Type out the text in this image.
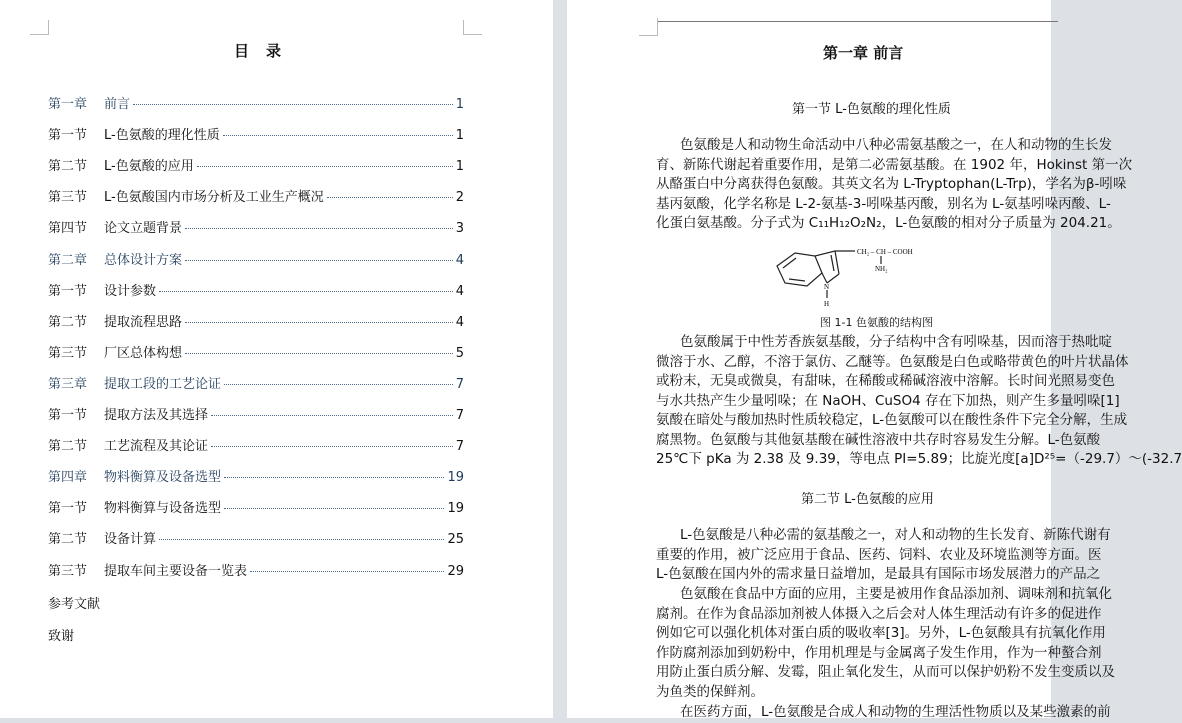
目　录
第一章	前言	1
第一节	L-色氨酸的理化性质	1
第二节	L-色氨酸的应用	1
第三节	L-色氨酸国内市场分析及工业生产概况	2
第四节	论文立题背景	3
第二章	总体设计方案	4
第一节	设计参数	4
第二节	提取流程思路	4
第三节	厂区总体构想	5
第三章	提取工段的工艺论证	7
第一节	提取方法及其选择	7
第二节	工艺流程及其论证	7
第四章	物料衡算及设备选型	19
第一节	物料衡算与设备选型	19
第二节	设备计算	25
第三节	提取车间主要设备一览表	29
参考文献
致谢
第一章 前言
第一节 L-色氨酸的理化性质
色氨酸是人和动物生命活动中八种必需氨基酸之一，在人和动物的生长发
育、新陈代谢起着重要作用，是第二必需氨基酸。在 1902 年，Hokinst 第一次
从酪蛋白中分离获得色氨酸。其英文名为 L-Tryptophan(L-Trp)，学名为β-吲哚
基丙氨酸，化学名称是 L-2-氨基-3-吲哚基丙酸，别名为 L-氨基吲哚丙酸、L-
化蛋白氨基酸。分子式为 C₁₁H₁₂O₂N₂，L-色氨酸的相对分子质量为 204.21。
CH₂ – CH – COOH
NH₂
N
H
图 1-1 色氨酸的结构图
色氨酸属于中性芳香族氨基酸，分子结构中含有吲哚基，因而溶于热吡啶
微溶于水、乙醇，不溶于氯仿、乙醚等。色氨酸是白色或略带黄色的叶片状晶体
或粉末，无臭或微臭，有甜味，在稀酸或稀碱溶液中溶解。长时间光照易变色
与水共热产生少量吲哚；在 NaOH、CuSO4 存在下加热，则产生多量吲哚[1]
氨酸在暗处与酸加热时性质较稳定，L-色氨酸可以在酸性条件下完全分解，生成
腐黑物。色氨酸与其他氨基酸在碱性溶液中共存时容易发生分解。L-色氨酸
25℃下 pKa 为 2.38 及 9.39，等电点 PI=5.89；比旋光度[a]D²⁵=（-29.7）～(-32.7
第二节 L-色氨酸的应用
L-色氨酸是八种必需的氨基酸之一，对人和动物的生长发育、新陈代谢有
重要的作用，被广泛应用于食品、医药、饲料、农业及环境监测等方面。医
L-色氨酸在国内外的需求量日益增加，是最具有国际市场发展潜力的产品之
色氨酸在食品中方面的应用，主要是被用作食品添加剂、调味剂和抗氧化
腐剂。在作为食品添加剂被人体摄入之后会对人体生理活动有许多的促进作
例如它可以强化机体对蛋白质的吸收率[3]。另外，L-色氨酸具有抗氧化作用
作防腐剂添加到奶粉中，作用机理是与金属离子发生作用，作为一种螯合剂
用防止蛋白质分解、发霉，阻止氧化发生，从而可以保护奶粉不发生变质以及
为鱼类的保鲜剂。
在医药方面，L-色氨酸是合成人和动物的生理活性物质以及某些激素的前
